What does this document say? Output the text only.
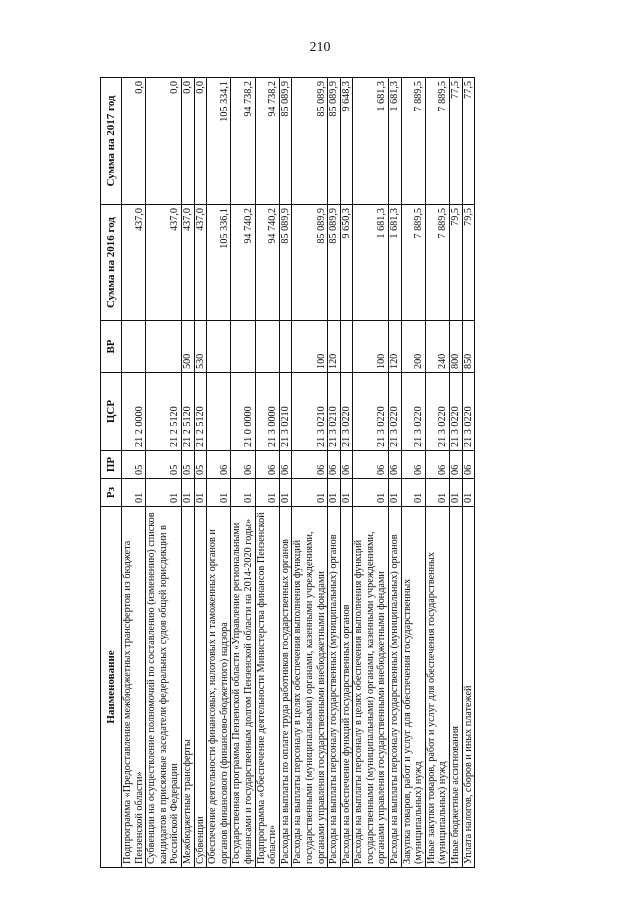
210
Наименование	Рз	ПР	ЦСР	ВР	Сумма на 2016 год	Сумма на 2017 год
Подпрограмма «Предоставление межбюджетных трансфертов из бюджета Пензенской области»	01	05	21 2 0000		437,0	0,0
Субвенции на осуществление полномочий по составлению (изменению) списков кандидатов в присяжные заседатели федеральных судов общей юрисдикции в Российской Федерации	01	05	21 2 5120		437,0	0,0
Межбюджетные трансферты	01	05	21 2 5120	500	437,0	0,0
Субвенции	01	05	21 2 5120	530	437,0	0,0
Обеспечение деятельности финансовых, налоговых и таможенных органов и органов финансового (финансово-бюджетного) надзора	01	06			105 336,1	105 334,1
Государственная программа Пензенской области «Управление региональными финансами и государственным долгом Пензенской области на 2014-2020 годы»	01	06	21 0 0000		94 740,2	94 738,2
Подпрограмма «Обеспечение деятельности Министерства финансов Пензенской области»	01	06	21 3 0000		94 740,2	94 738,2
Расходы на выплаты по оплате труда работников государственных органов	01	06	21 3 0210		85 089,9	85 089,9
Расходы на выплаты персоналу в целях обеспечения выполнения функций государственными (муниципальными) органами, казенными учреждениями, органами управления государственными внебюджетными фондами	01	06	21 3 0210	100	85 089,9	85 089,9
Расходы на выплаты персоналу государственных (муниципальных) органов	01	06	21 3 0210	120	85 089,9	85 089,9
Расходы на обеспечение функций государственных органов	01	06	21 3 0220		9 650,3	9 648,3
Расходы на выплаты персоналу в целях обеспечения выполнения функций государственными (муниципальными) органами, казенными учреждениями, органами управления государственными внебюджетными фондами	01	06	21 3 0220	100	1 681,3	1 681,3
Расходы на выплаты персоналу государственных (муниципальных) органов	01	06	21 3 0220	120	1 681,3	1 681,3
Закупка товаров, работ и услуг для обеспечения государственных (муниципальных) нужд	01	06	21 3 0220	200	7 889,5	7 889,5
Иные закупки товаров, работ и услуг для обеспечения государственных (муниципальных) нужд	01	06	21 3 0220	240	7 889,5	7 889,5
Иные бюджетные ассигнования	01	06	21 3 0220	800	79,5	77,5
Уплата налогов, сборов и иных платежей	01	06	21 3 0220	850	79,5	77,5
